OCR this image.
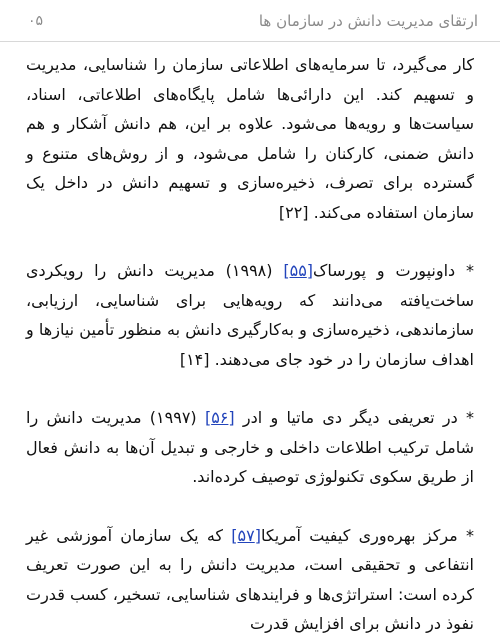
ارتقای مدیریت دانش در سازمان ها
۰۵

کار می‌گیرد، تا سرمایه‌های اطلاعاتی سازمان را شناسایی، مدیریت و تسهیم کند. این دارائی‌ها شامل پایگاه‌های اطلاعاتی، اسناد، سیاست‌ها و رویه‌ها می‌شود. علاوه بر این، هم دانش آشکار و هم دانش ضمنی، کارکنان را شامل می‌شود، و از روش‌های متنوع و گسترده برای تصرف، ذخیره‌سازی و تسهیم دانش در داخل یک سازمان استفاده می‌کند. [۲۲]

* داونپورت و پورساک[۵۵] (۱۹۹۸) مدیریت دانش را رویکردی ساخت‌یافته می‌دانند که رویه‌هایی برای شناسایی، ارزیابی، سازماندهی، ذخیره‌سازی و به‌کارگیری دانش به منظور تأمین نیازها و اهداف سازمان را در خود جای می‌دهند. [۱۴]

* در تعریفی دیگر دی ماتیا و ادر [۵۶] (۱۹۹۷) مدیریت دانش را شامل ترکیب اطلاعات داخلی و خارجی و تبدیل آن‌ها به دانش فعال از طریق سکوی تکنولوژی توصیف کرده‌اند.

* مرکز بهره‌وری کیفیت آمریکا[۵۷] که یک سازمان آموزشی غیر انتفاعی و تحقیقی است، مدیریت دانش را به این صورت تعریف کرده است: استراتژی‌ها و فرایندهای شناسایی، تسخیر، کسب قدرت نفوذ در دانش برای افزایش قدرت
